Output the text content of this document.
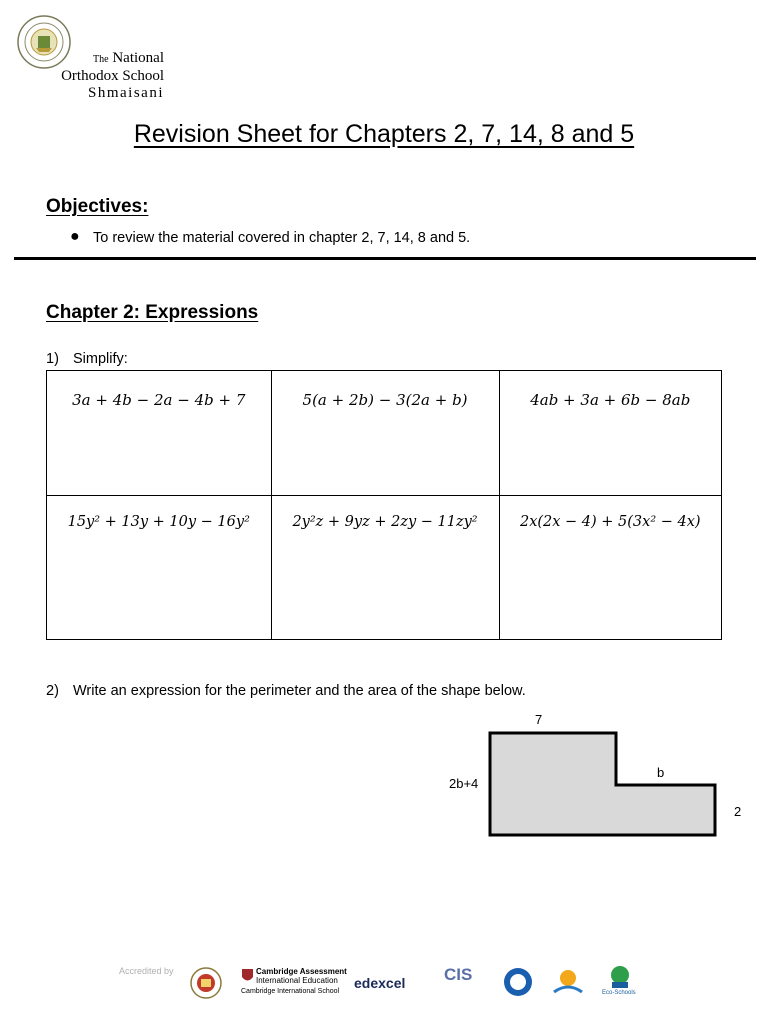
The National
Orthodox School
Shmaisani
Revision Sheet for Chapters 2, 7, 14, 8 and 5
Objectives:
● To review the material covered in chapter 2, 7, 14, 8 and 5.
Chapter 2: Expressions
1) Simplify:
3a + 4b − 2a − 4b + 7	5(a + 2b) − 3(2a + b)	4ab + 3a + 6b − 8ab

15y² + 13y + 10y − 16y²	2y²z + 9yz + 2zy − 11zy²	2x(2x − 4) + 5(3x² − 4x)
2) Write an expression for the perimeter and the area of the shape below.
7
2b+4
b
2
Accredited by	Cambridge Assessment
International Education
Cambridge International School
edexcel CIS
Eco-Schools
